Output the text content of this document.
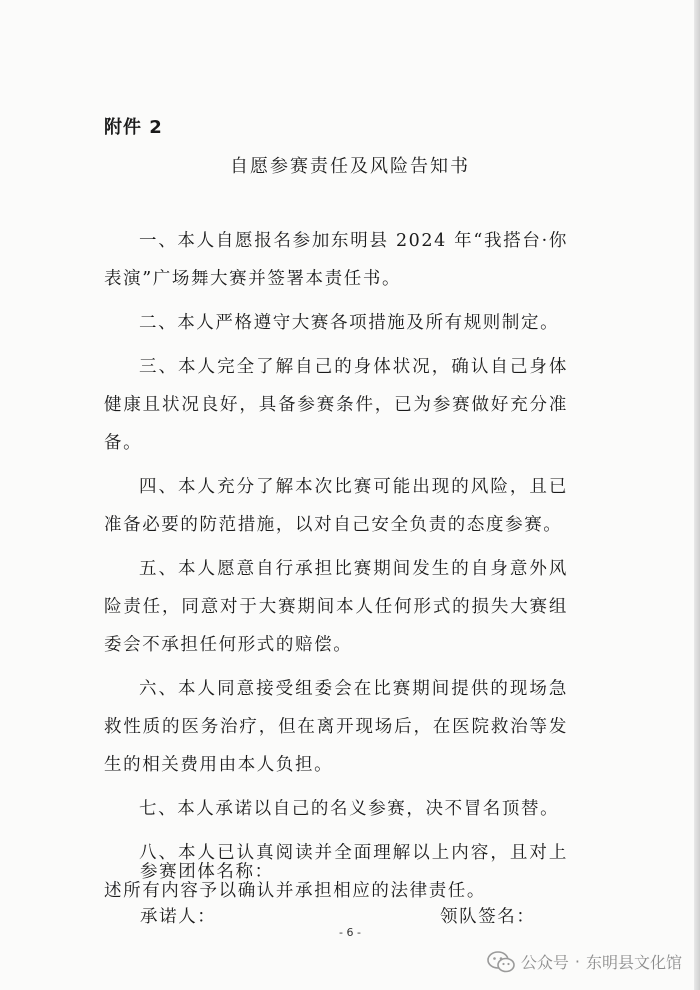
附件 2
自愿参赛责任及风险告知书

一、本人自愿报名参加东明县 2024 年“我搭台·你表演”广场舞大赛并签署本责任书。

二、本人严格遵守大赛各项措施及所有规则制定。

三、本人完全了解自己的身体状况，确认自己身体健康且状况良好，具备参赛条件，已为参赛做好充分准备。

四、本人充分了解本次比赛可能出现的风险，且已准备必要的防范措施，以对自己安全负责的态度参赛。

五、本人愿意自行承担比赛期间发生的自身意外风险责任，同意对于大赛期间本人任何形式的损失大赛组委会不承担任何形式的赔偿。

六、本人同意接受组委会在比赛期间提供的现场急救性质的医务治疗，但在离开现场后，在医院救治等发生的相关费用由本人负担。

七、本人承诺以自己的名义参赛，决不冒名顶替。

八、本人已认真阅读并全面理解以上内容，且对上述所有内容予以确认并承担相应的法律责任。

参赛团体名称：
承诺人：	领队签名：
- 6 -
公众号 · 东明县文化馆
